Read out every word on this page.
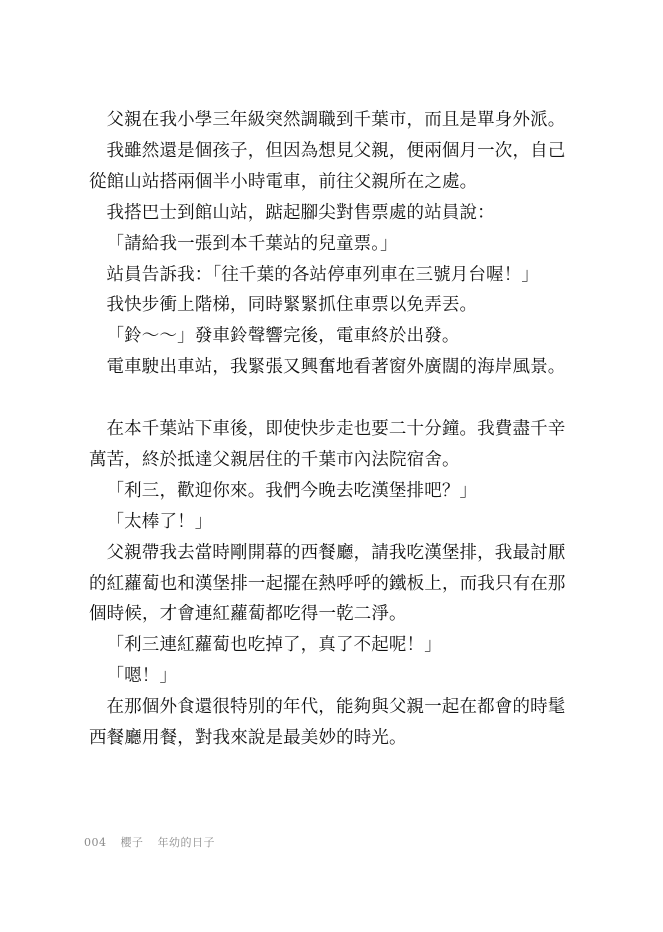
父親在我小學三年級突然調職到千葉市，而且是單身外派。

我雖然還是個孩子，但因為想見父親，便兩個月一次，自己從館山站搭兩個半小時電車，前往父親所在之處。

我搭巴士到館山站，踮起腳尖對售票處的站員說：

「請給我一張到本千葉站的兒童票。」

站員告訴我：「往千葉的各站停車列車在三號月台喔！」

我快步衝上階梯，同時緊緊抓住車票以免弄丟。

「鈴～～」發車鈴聲響完後，電車終於出發。

電車駛出車站，我緊張又興奮地看著窗外廣闊的海岸風景。

在本千葉站下車後，即使快步走也要二十分鐘。我費盡千辛萬苦，終於抵達父親居住的千葉市內法院宿舍。

「利三，歡迎你來。我們今晚去吃漢堡排吧？」

「太棒了！」

父親帶我去當時剛開幕的西餐廳，請我吃漢堡排，我最討厭的紅蘿蔔也和漢堡排一起擺在熱呼呼的鐵板上，而我只有在那個時候，才會連紅蘿蔔都吃得一乾二淨。

「利三連紅蘿蔔也吃掉了，真了不起呢！」

「嗯！」

在那個外食還很特別的年代，能夠與父親一起在都會的時髦西餐廳用餐，對我來說是最美妙的時光。

004 櫻子 年幼的日子
